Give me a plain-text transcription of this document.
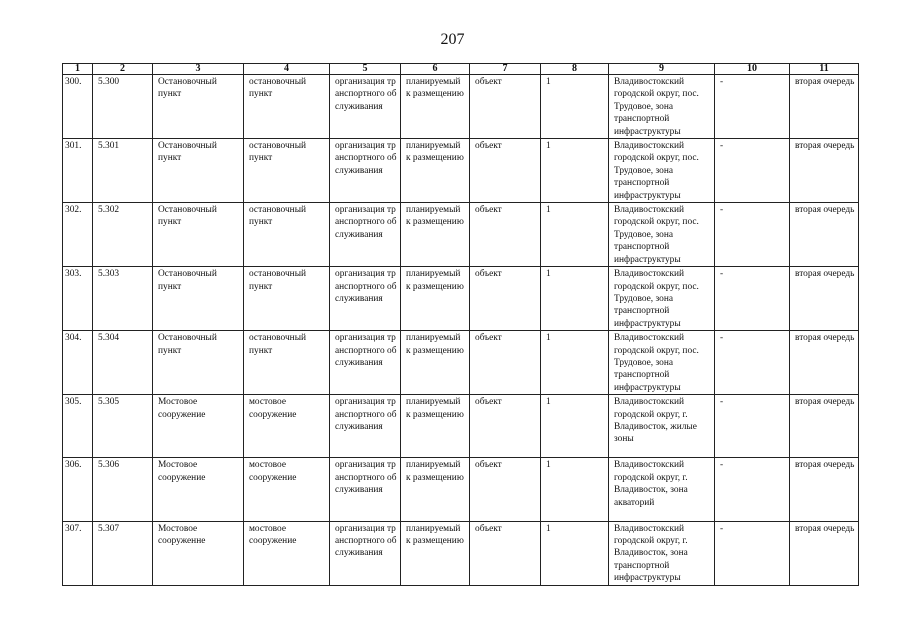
207
1	2	3	4	5	6	7	8	9	10	11

300.	5.300	Остановочный пункт	остановочный пункт	организация транспортного обслуживания	планируемый к размещению	объект	1	Владивостокский городской округ, пос. Трудовое, зона транспортной инфраструктуры	-	вторая очередь

301.	5.301	Остановочный пункт	остановочный пункт	организация транспортного обслуживания	планируемый к размещению	объект	1	Владивостокский городской округ, пос. Трудовое, зона транспортной инфраструктуры	-	вторая очередь

302.	5.302	Остановочный пункт	остановочный пункт	организация транспортного обслуживания	планируемый к размещению	объект	1	Владивостокский городской округ, пос. Трудовое, зона транспортной инфраструктуры	-	вторая очередь

303.	5.303	Остановочный пункт	остановочный пункт	организация транспортного обслуживания	планируемый к размещению	объект	1	Владивостокский городской округ, пос. Трудовое, зона транспортной инфраструктуры	-	вторая очередь

304.	5.304	Остановочный пункт	остановочный пункт	организация транспортного обслуживания	планируемый к размещению	объект	1	Владивостокский городской округ, пос. Трудовое, зона транспортной инфраструктуры	-	вторая очередь

305.	5.305	Мостовое сооружение	мостовое сооружение	организация транспортного обслуживания	планируемый к размещению	объект	1	Владивостокский городской округ, г. Владивосток, жилые зоны	-	вторая очередь

306.	5.306	Мостовое сооружение	мостовое сооружение	организация транспортного обслуживания	планируемый к размещению	объект	1	Владивостокский городской округ, г. Владивосток, зона акваторий	-	вторая очередь

307.	5.307	Мостовое сооруженне	мостовое сооружение	организация транспортного обслуживания	планируемый к размещению	объект	1	Владивостокский городской округ, г. Владивосток, зона транспортной инфраструктуры	-	вторая очередь
